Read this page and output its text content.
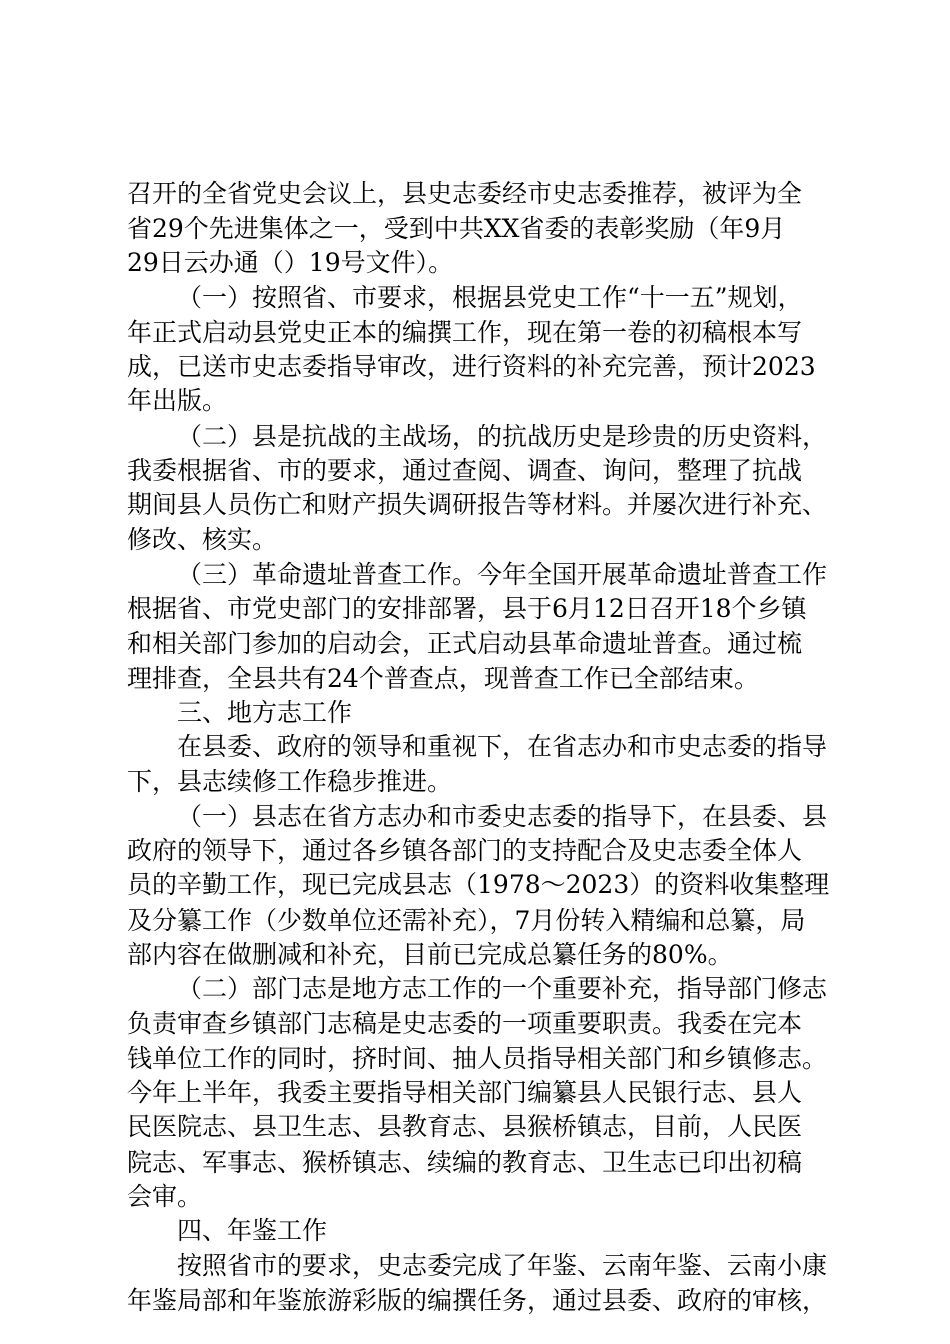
召开的全省党史会议上，县史志委经市史志委推荐，被评为全

省29个先进集体之一，受到中共XX省委的表彰奖励（年9月

29日云办通（）19号文件）。

（一）按照省、市要求，根据县党史工作“十一五”规划，

年正式启动县党史正本的编撰工作，现在第一卷的初稿根本写

成，已送市史志委指导审改，进行资料的补充完善，预计2023

年出版。

（二）县是抗战的主战场，的抗战历史是珍贵的历史资料，

我委根据省、市的要求，通过查阅、调查、询问，整理了抗战

期间县人员伤亡和财产损失调研报告等材料。并屡次进行补充、

修改、核实。

（三）革命遗址普查工作。今年全国开展革命遗址普查工作

根据省、市党史部门的安排部署，县于6月12日召开18个乡镇

和相关部门参加的启动会，正式启动县革命遗址普查。通过梳

理排查，全县共有24个普查点，现普查工作已全部结束。

三、地方志工作

在县委、政府的领导和重视下，在省志办和市史志委的指导

下，县志续修工作稳步推进。

（一）县志在省方志办和市委史志委的指导下，在县委、县

政府的领导下，通过各乡镇各部门的支持配合及史志委全体人

员的辛勤工作，现已完成县志（1978～2023）的资料收集整理

及分纂工作（少数单位还需补充），7月份转入精编和总纂，局

部内容在做删减和补充，目前已完成总纂任务的80%。

（二）部门志是地方志工作的一个重要补充，指导部门修志

负责审查乡镇部门志稿是史志委的一项重要职责。我委在完本

钱单位工作的同时，挤时间、抽人员指导相关部门和乡镇修志。

今年上半年，我委主要指导相关部门编纂县人民银行志、县人

民医院志、县卫生志、县教育志、县猴桥镇志，目前，人民医

院志、军事志、猴桥镇志、续编的教育志、卫生志已印出初稿

会审。

四、年鉴工作

按照省市的要求，史志委完成了年鉴、云南年鉴、云南小康

年鉴局部和年鉴旅游彩版的编撰任务，通过县委、政府的审核，
